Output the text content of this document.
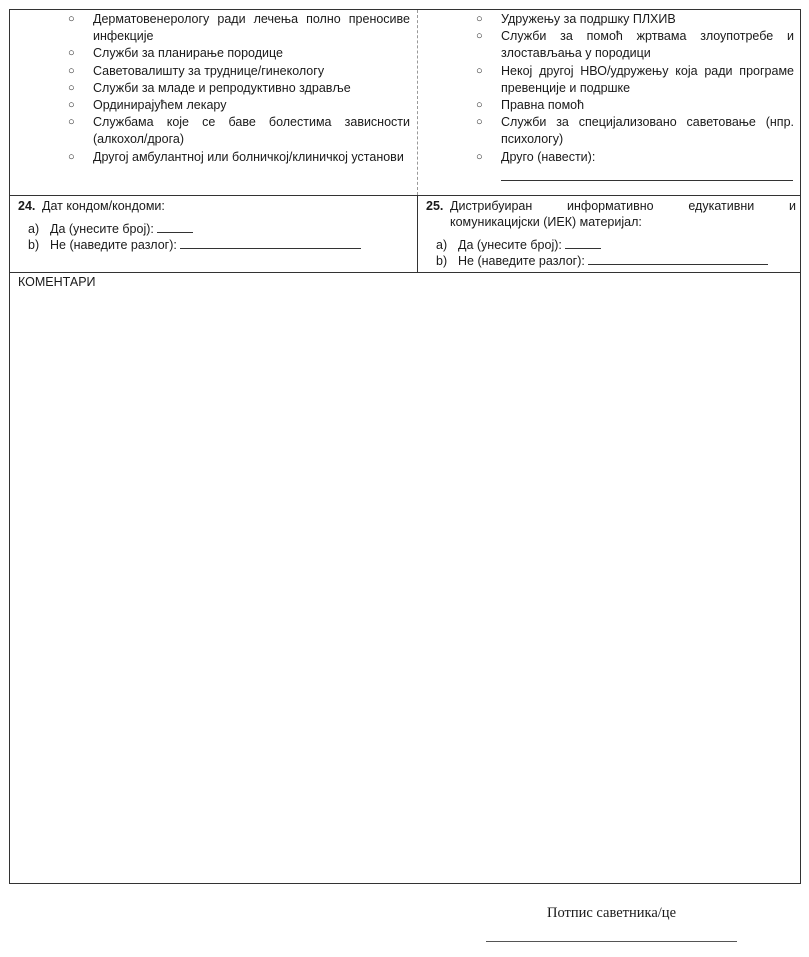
○ Дерматовенерологу ради лечења полно преносиве инфекције
○ Служби за планирање породице
○ Саветовалишту за труднице/гинекологу
○ Служби за младе и репродуктивно здравље
○ Ординирајућем лекару
○ Службама које се баве болестима зависности (алкохол/дрога)
○ Другој амбулантној или болничкој/клиничкој установи
○ Удружењу за подршку ПЛХИВ
○ Служби за помоћ жртвама злоупотребе и злостављања у породици
○ Некој другој НВО/удружењу која ради програме превенције и подршке
○ Правна помоћ
○ Служби за специјализовано саветовање (нпр. психологу)
○ Друго (навести):
24. Дат кондом/кондоми:
a) Да (унесите број):
b) Не (наведите разлог):
25. Дистрибуиран информативно едукативни и
комуникацијски (ИЕК) материјал:
a) Да (унесите број):
b) Не (наведите разлог):
КОМЕНТАРИ
Потпис саветника/це
